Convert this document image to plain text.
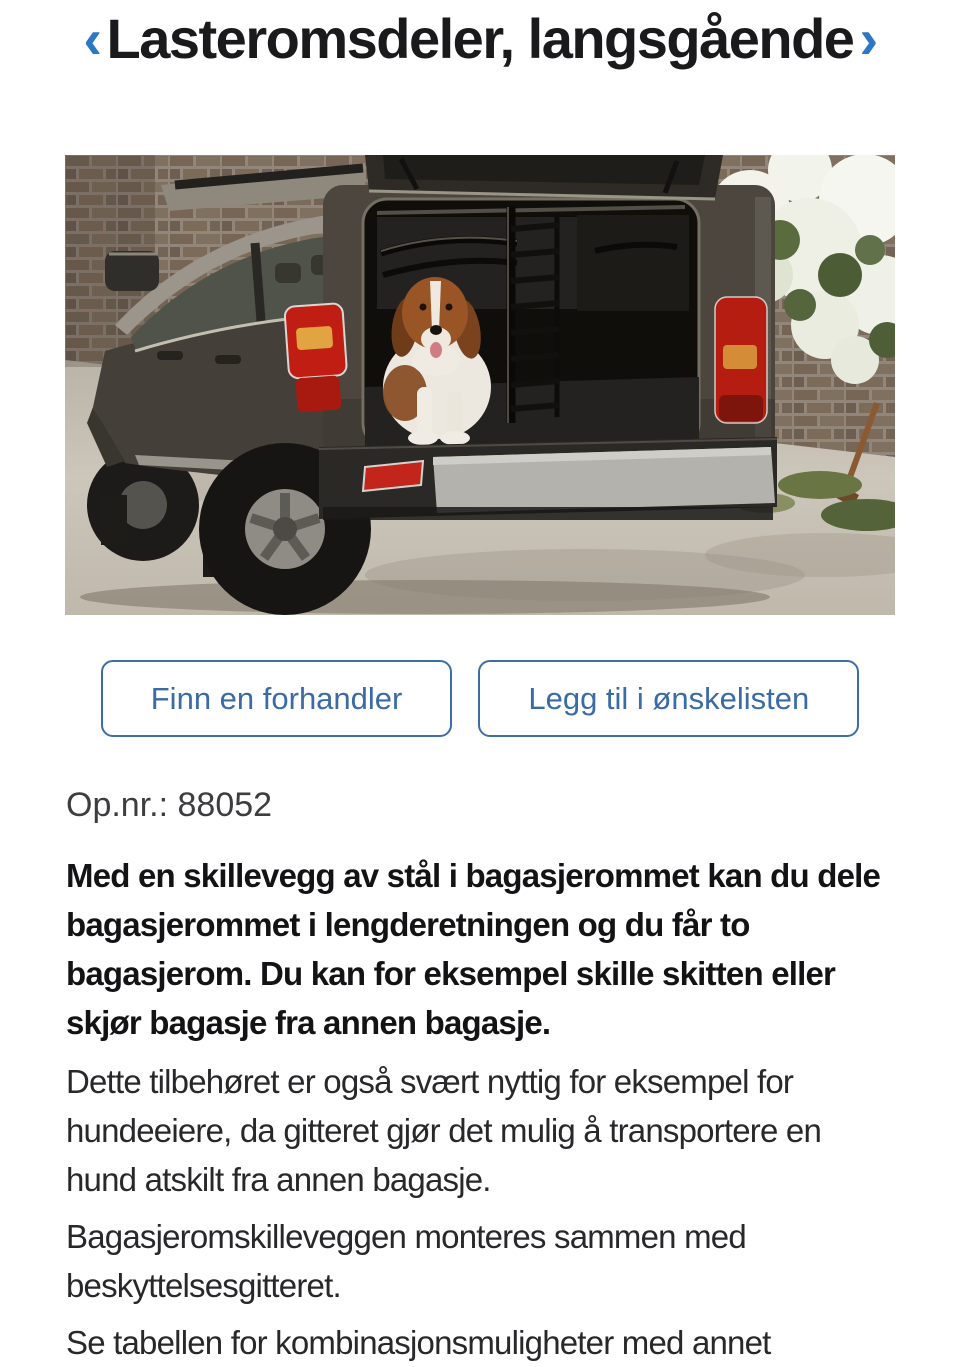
‹ Lasteromsdeler, langsgående ›
Finn en forhandler	Legg til i ønskelisten

Op.nr.: 88052

Med en skillevegg av stål i bagasjerommet kan du dele bagasjerommet i lengderetningen og du får to bagasjerom. Du kan for eksempel skille skitten eller skjør bagasje fra annen bagasje.

Dette tilbehøret er også svært nyttig for eksempel for hundeeiere, da gitteret gjør det mulig å transportere en hund atskilt fra annen bagasje.

Bagasjeromskilleveggen monteres sammen med beskyttelsesgitteret.

Se tabellen for kombinasjonsmuligheter med annet
